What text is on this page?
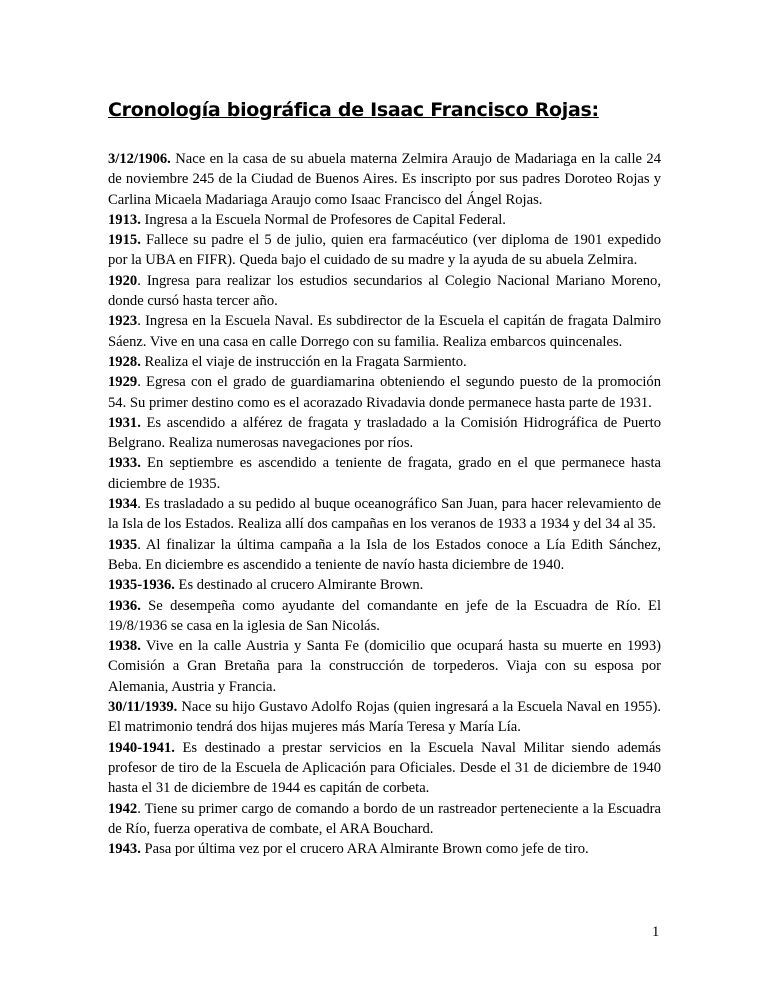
Cronología biográfica de Isaac Francisco Rojas:

3/12/1906. Nace en la casa de su abuela materna Zelmira Araujo de Madariaga en la calle 24 de noviembre 245 de la Ciudad de Buenos Aires. Es inscripto por sus padres Doroteo Rojas y Carlina Micaela Madariaga Araujo como Isaac Francisco del Ángel Rojas.

1913. Ingresa a la Escuela Normal de Profesores de Capital Federal.

1915. Fallece su padre el 5 de julio, quien era farmacéutico (ver diploma de 1901 expedido por la UBA en FIFR). Queda bajo el cuidado de su madre y la ayuda de su abuela Zelmira.

1920. Ingresa para realizar los estudios secundarios al Colegio Nacional Mariano Moreno, donde cursó hasta tercer año.

1923. Ingresa en la Escuela Naval. Es subdirector de la Escuela el capitán de fragata Dalmiro Sáenz. Vive en una casa en calle Dorrego con su familia. Realiza embarcos quincenales.

1928. Realiza el viaje de instrucción en la Fragata Sarmiento.

1929. Egresa con el grado de guardiamarina obteniendo el segundo puesto de la promoción 54. Su primer destino como es el acorazado Rivadavia donde permanece hasta parte de 1931.

1931. Es ascendido a alférez de fragata y trasladado a la Comisión Hidrográfica de Puerto Belgrano. Realiza numerosas navegaciones por ríos.

1933. En septiembre es ascendido a teniente de fragata, grado en el que permanece hasta diciembre de 1935.

1934. Es trasladado a su pedido al buque oceanográfico San Juan, para hacer relevamiento de la Isla de los Estados. Realiza allí dos campañas en los veranos de 1933 a 1934 y del 34 al 35.

1935. Al finalizar la última campaña a la Isla de los Estados conoce a Lía Edith Sánchez, Beba. En diciembre es ascendido a teniente de navío hasta diciembre de 1940.

1935-1936. Es destinado al crucero Almirante Brown.

1936. Se desempeña como ayudante del comandante en jefe de la Escuadra de Río. El 19/8/1936 se casa en la iglesia de San Nicolás.

1938. Vive en la calle Austria y Santa Fe (domicilio que ocupará hasta su muerte en 1993) Comisión a Gran Bretaña para la construcción de torpederos. Viaja con su esposa por Alemania, Austria y Francia.

30/11/1939. Nace su hijo Gustavo Adolfo Rojas (quien ingresará a la Escuela Naval en 1955). El matrimonio tendrá dos hijas mujeres más María Teresa y María Lía.

1940-1941. Es destinado a prestar servicios en la Escuela Naval Militar siendo además profesor de tiro de la Escuela de Aplicación para Oficiales. Desde el 31 de diciembre de 1940 hasta el 31 de diciembre de 1944 es capitán de corbeta.

1942. Tiene su primer cargo de comando a bordo de un rastreador perteneciente a la Escuadra de Río, fuerza operativa de combate, el ARA Bouchard.

1943. Pasa por última vez por el crucero ARA Almirante Brown como jefe de tiro.

1
